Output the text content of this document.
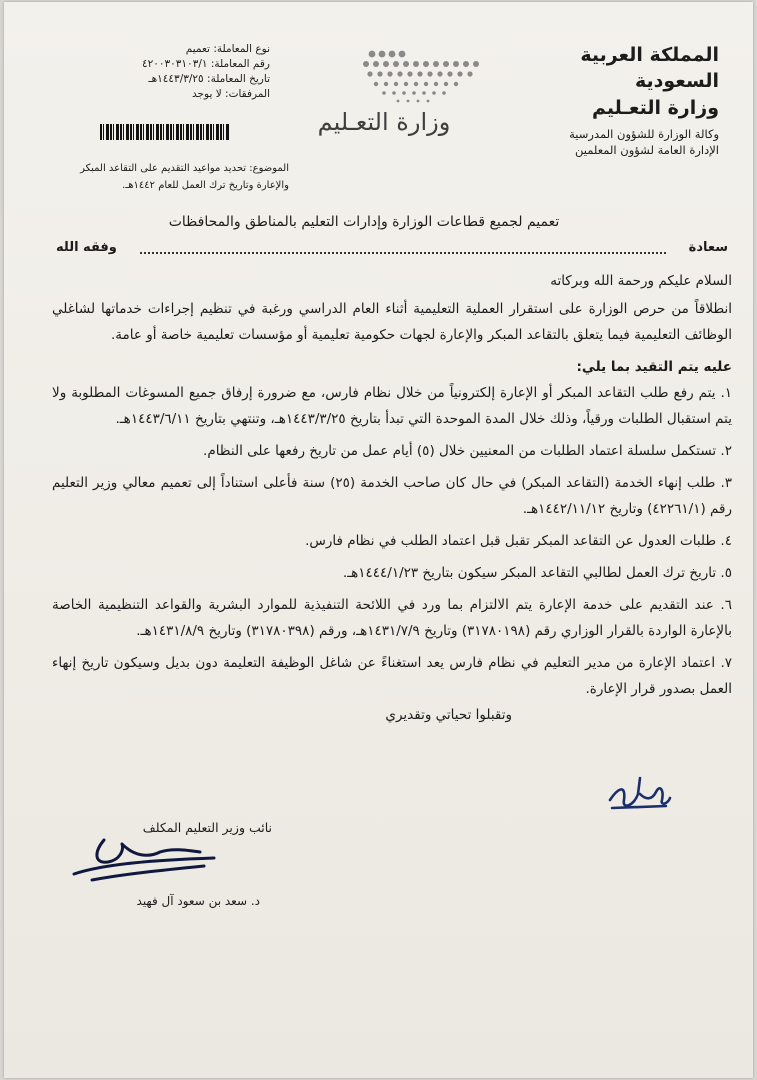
المملكة العربية السعودية
وزارة التعـليم
وكالة الوزارة للشؤون المدرسية
الإدارة العامة لشؤون المعلمين
وزارة التعـليم
نوع المعاملة: تعميم
رقم المعاملة: ٤٢٠٠٣٠٣١٠٣/١
تاريخ المعاملة: ١٤٤٣/٣/٢٥هـ
المرفقات: لا يوجد
الموضوع: تحديد مواعيد التقديم على التقاعد المبكر
والإعارة وتاريخ ترك العمل للعام ١٤٤٢هـ.
تعميم لجميع قطاعات الوزارة وإدارات التعليم بالمناطق والمحافظات
سعادة
وفقه الله

السلام عليكم ورحمة الله وبركاته

انطلاقاً من حرص الوزارة على استقرار العملية التعليمية أثناء العام الدراسي ورغبة في تنظيم إجراءات خدماتها لشاغلي الوظائف التعليمية فيما يتعلق بالتقاعد المبكر والإعارة لجهات حكومية تعليمية أو مؤسسات تعليمية خاصة أو عامة.

عليه يتم التقيد بما يلي:

١. يتم رفع طلب التقاعد المبكر أو الإعارة إلكترونياً من خلال نظام فارس، مع ضرورة إرفاق جميع المسوغات المطلوبة ولا يتم استقبال الطلبات ورقياً، وذلك خلال المدة الموحدة التي تبدأ بتاريخ ١٤٤٣/٣/٢٥هـ، وتنتهي بتاريخ ١٤٤٣/٦/١١هـ.

٢. تستكمل سلسلة اعتماد الطلبات من المعنيين خلال (٥) أيام عمل من تاريخ رفعها على النظام.

٣. طلب إنهاء الخدمة (التقاعد المبكر) في حال كان صاحب الخدمة (٢٥) سنة فأعلى استناداً إلى تعميم معالي وزير التعليم رقم (٤٢٢٦١/١) وتاريخ ١٤٤٢/١١/١٢هـ.

٤. طلبات العدول عن التقاعد المبكر تقبل قبل اعتماد الطلب في نظام فارس.

٥. تاريخ ترك العمل لطالبي التقاعد المبكر سيكون بتاريخ ١٤٤٤/١/٢٣هـ.

٦. عند التقديم على خدمة الإعارة يتم الالتزام بما ورد في اللائحة التنفيذية للموارد البشرية والقواعد التنظيمية الخاصة بالإعارة الواردة بالقرار الوزاري رقم (٣١٧٨٠١٩٨) وتاريخ ١٤٣١/٧/٩هـ، ورقم (٣١٧٨٠٣٩٨) وتاريخ ١٤٣١/٨/٩هـ.

٧. اعتماد الإعارة من مدير التعليم في نظام فارس يعد استغناءً عن شاغل الوظيفة التعليمة دون بديل وسيكون تاريخ إنهاء العمل بصدور قرار الإعارة.

وتقبلوا تحياتي وتقديري

نائب وزير التعليم المكلف
د. سعد بن سعود آل فهيد
